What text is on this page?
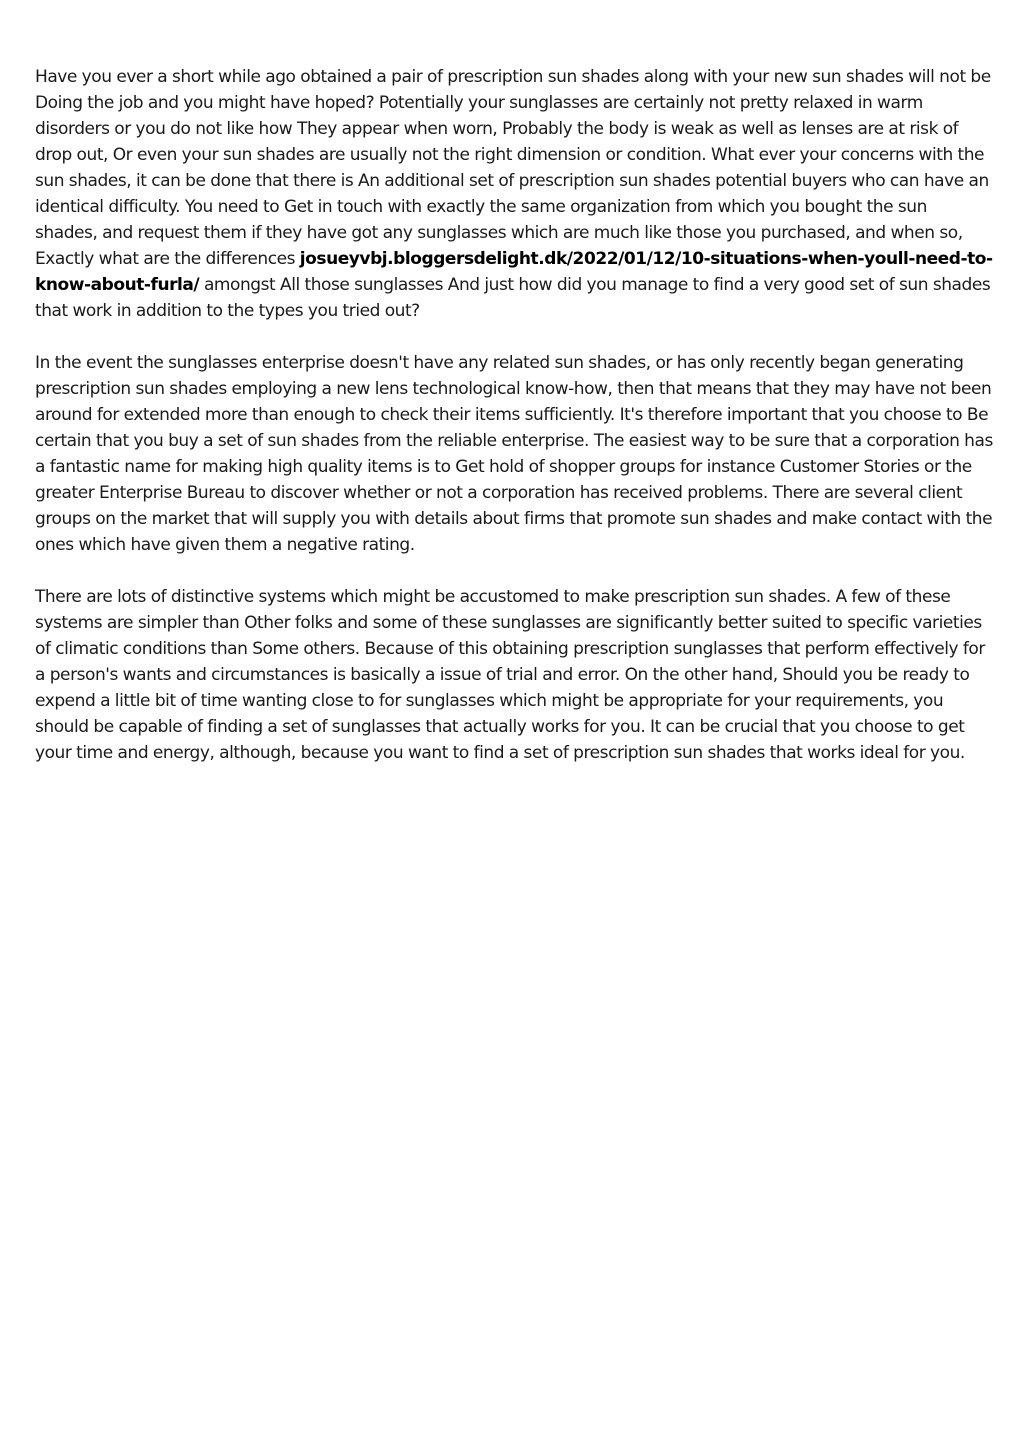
Have you ever a short while ago obtained a pair of prescription sun shades along with your new sun shades will not be Doing the job and you might have hoped? Potentially your sunglasses are certainly not pretty relaxed in warm disorders or you do not like how They appear when worn, Probably the body is weak as well as lenses are at risk of drop out, Or even your sun shades are usually not the right dimension or condition. What ever your concerns with the sun shades, it can be done that there is An additional set of prescription sun shades potential buyers who can have an identical difficulty. You need to Get in touch with exactly the same organization from which you bought the sun shades, and request them if they have got any sunglasses which are much like those you purchased, and when so, Exactly what are the differences josueyvbj.bloggersdelight.dk/2022/01/12/10-situations-when-youll-need-to-know-about-furla/ amongst All those sunglasses And just how did you manage to find a very good set of sun shades that work in addition to the types you tried out?

In the event the sunglasses enterprise doesn't have any related sun shades, or has only recently began generating prescription sun shades employing a new lens technological know-how, then that means that they may have not been around for extended more than enough to check their items sufficiently. It's therefore important that you choose to Be certain that you buy a set of sun shades from the reliable enterprise. The easiest way to be sure that a corporation has a fantastic name for making high quality items is to Get hold of shopper groups for instance Customer Stories or the greater Enterprise Bureau to discover whether or not a corporation has received problems. There are several client groups on the market that will supply you with details about firms that promote sun shades and make contact with the ones which have given them a negative rating.

There are lots of distinctive systems which might be accustomed to make prescription sun shades. A few of these systems are simpler than Other folks and some of these sunglasses are significantly better suited to specific varieties of climatic conditions than Some others. Because of this obtaining prescription sunglasses that perform effectively for a person's wants and circumstances is basically a issue of trial and error. On the other hand, Should you be ready to expend a little bit of time wanting close to for sunglasses which might be appropriate for your requirements, you should be capable of finding a set of sunglasses that actually works for you. It can be crucial that you choose to get your time and energy, although, because you want to find a set of prescription sun shades that works ideal for you.
